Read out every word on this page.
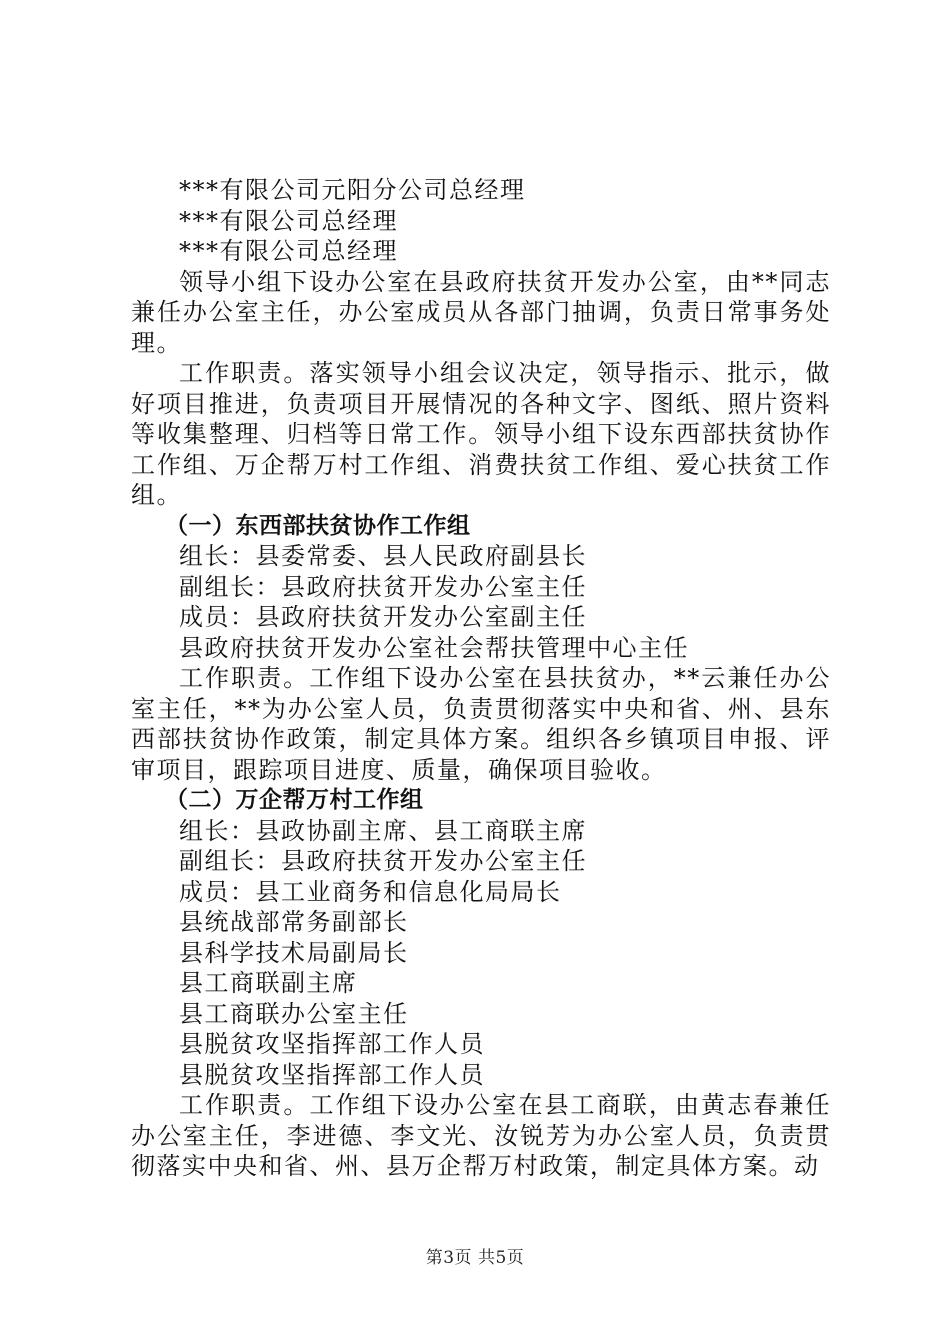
***有限公司元阳分公司总经理
***有限公司总经理
***有限公司总经理

领导小组下设办公室在县政府扶贫开发办公室，由**同志兼任办公室主任，办公室成员从各部门抽调，负责日常事务处理。

工作职责。落实领导小组会议决定，领导指示、批示，做好项目推进，负责项目开展情况的各种文字、图纸、照片资料等收集整理、归档等日常工作。领导小组下设东西部扶贫协作工作组、万企帮万村工作组、消费扶贫工作组、爱心扶贫工作组。

（一）东西部扶贫协作工作组
组长：县委常委、县人民政府副县长
副组长：县政府扶贫开发办公室主任
成员：县政府扶贫开发办公室副主任
县政府扶贫开发办公室社会帮扶管理中心主任

工作职责。工作组下设办公室在县扶贫办，**云兼任办公室主任，**为办公室人员，负责贯彻落实中央和省、州、县东西部扶贫协作政策，制定具体方案。组织各乡镇项目申报、评审项目，跟踪项目进度、质量，确保项目验收。

（二）万企帮万村工作组
组长：县政协副主席、县工商联主席
副组长：县政府扶贫开发办公室主任
成员：县工业商务和信息化局局长
县统战部常务副部长
县科学技术局副局长
县工商联副主席
县工商联办公室主任
县脱贫攻坚指挥部工作人员
县脱贫攻坚指挥部工作人员

工作职责。工作组下设办公室在县工商联，由黄志春兼任办公室主任，李进德、李文光、汝锐芳为办公室人员，负责贯彻落实中央和省、州、县万企帮万村政策，制定具体方案。动

第3页 共5页
